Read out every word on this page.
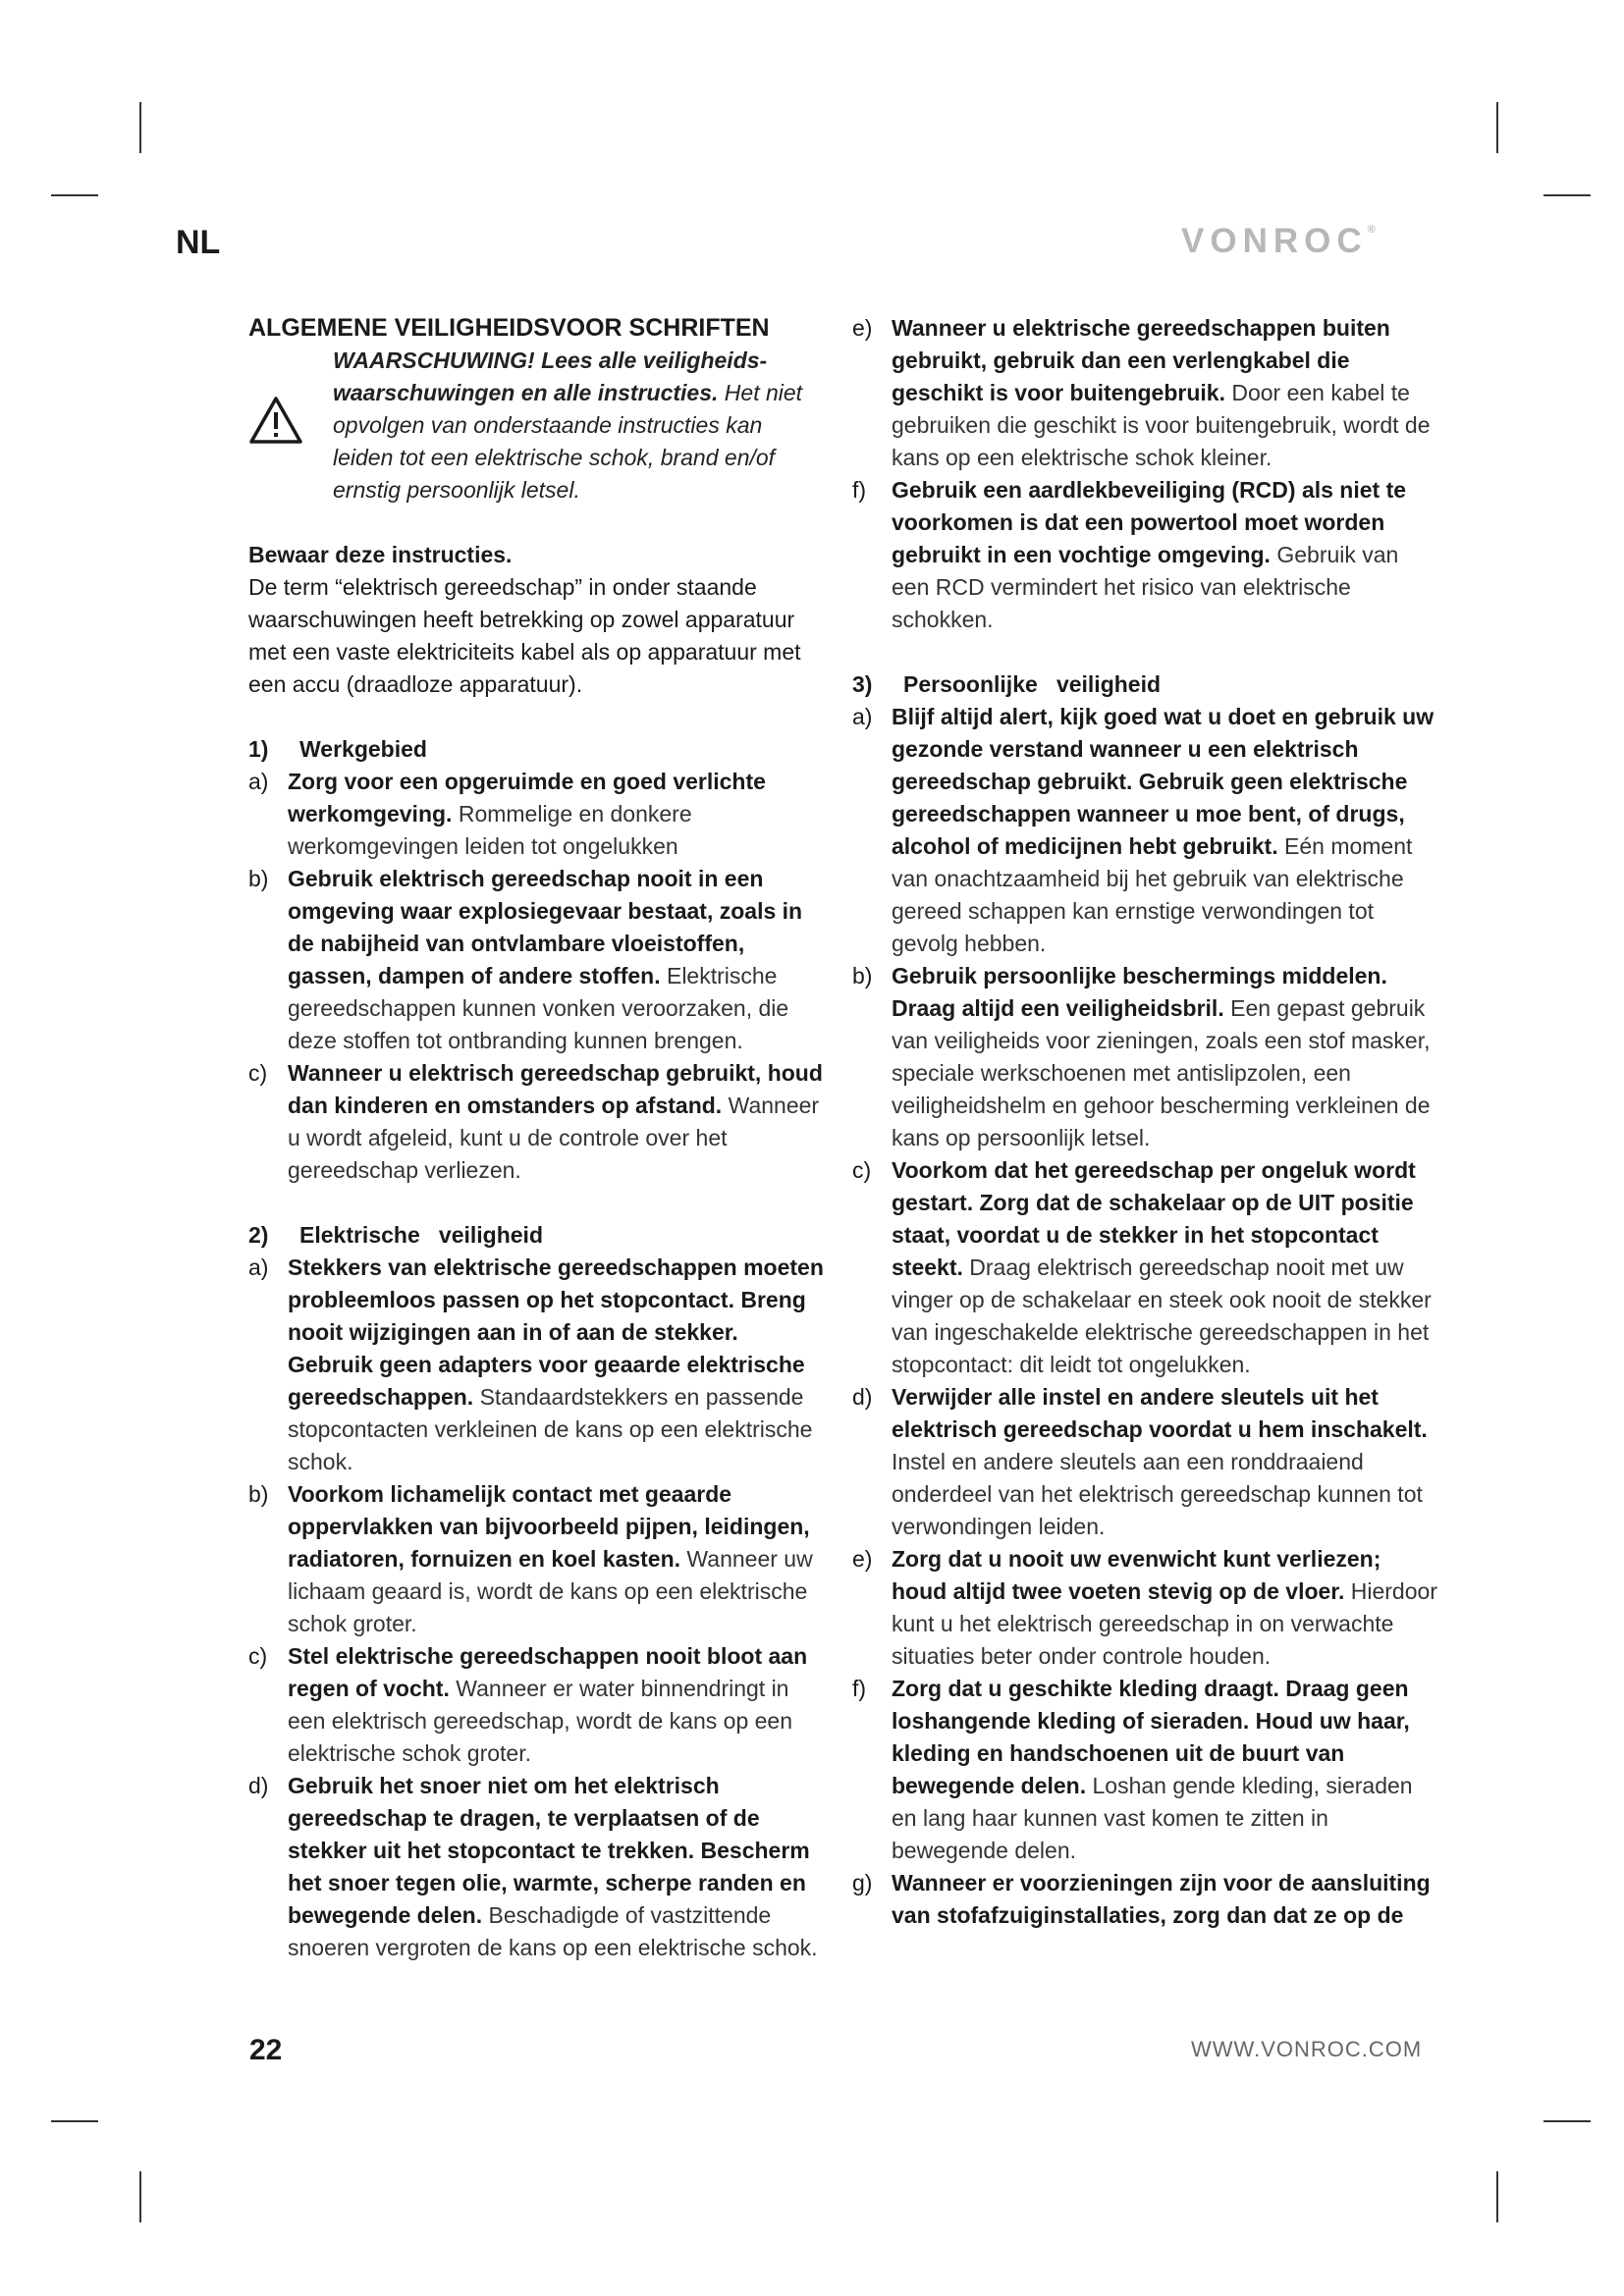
NL	VONROC®
ALGEMENE VEILIGHEIDSVOOR SCHRIFTEN
WAARSCHUWING! Lees alle veiligheids- waarschuwingen en alle instructies. Het niet opvolgen van onderstaande instructies kan leiden tot een elektrische schok, brand en/of ernstig persoonlijk letsel.

Bewaar deze instructies.

De term “elektrisch gereedschap” in onder staande waarschuwingen heeft betrekking op zowel apparatuur met een vaste elektriciteits kabel als op apparatuur met een accu (draadloze apparatuur).

1)	Werkgebied
a) Zorg voor een opgeruimde en goed verlichte werkomgeving. Rommelige en donkere werkomgevingen leiden tot ongelukken
b) Gebruik elektrisch gereedschap nooit in een omgeving waar explosiegevaar bestaat, zoals in de nabijheid van ontvlambare vloeistoffen, gassen, dampen of andere stoffen. Elektrische gereedschappen kunnen vonken veroorzaken, die deze stoffen tot ontbranding kunnen brengen.
c) Wanneer u elektrisch gereedschap gebruikt, houd dan kinderen en omstanders op afstand. Wanneer u wordt afgeleid, kunt u de controle over het gereedschap verliezen.
2)	Elektrische   veiligheid
a) Stekkers van elektrische gereedschappen moeten probleemloos passen op het stopcontact. Breng nooit wijzigingen aan in of aan de stekker. Gebruik geen adapters voor geaarde elektrische gereedschappen. Standaardstekkers en passende stopcontacten verkleinen de kans op een elektrische schok.
b) Voorkom lichamelijk contact met geaarde oppervlakken van bijvoorbeeld pijpen, leidingen, radiatoren, fornuizen en koel kasten. Wanneer uw lichaam geaard is, wordt de kans op een elektrische schok groter.
c) Stel elektrische gereedschappen nooit bloot aan regen of vocht. Wanneer er water binnendringt in een elektrisch gereedschap, wordt de kans op een elektrische schok groter.
d) Gebruik het snoer niet om het elektrisch gereedschap te dragen, te verplaatsen of de stekker uit het stopcontact te trekken. Bescherm het snoer tegen olie, warmte, scherpe randen en bewegende delen. Beschadigde of vastzittende snoeren vergroten de kans op een elektrische schok.
e) Wanneer u elektrische gereedschappen buiten gebruikt, gebruik dan een verlengkabel die geschikt is voor buitengebruik. Door een kabel te gebruiken die geschikt is voor buitengebruik, wordt de kans op een elektrische schok kleiner.
f) Gebruik een aardlekbeveiliging (RCD) als niet te voorkomen is dat een powertool moet worden gebruikt in een vochtige omgeving. Gebruik van een RCD vermindert het risico van elektrische schokken.
3)	Persoonlijke   veiligheid
a) Blijf altijd alert, kijk goed wat u doet en gebruik uw gezonde verstand wanneer u een elektrisch gereedschap gebruikt. Gebruik geen elektrische gereedschappen wanneer u moe bent, of drugs, alcohol of medicijnen hebt gebruikt. Eén moment van onachtzaamheid bij het gebruik van elektrische gereed schappen kan ernstige verwondingen tot gevolg hebben.
b) Gebruik persoonlijke beschermings middelen. Draag altijd een veiligheidsbril. Een gepast gebruik van veiligheids voor zieningen, zoals een stof masker, speciale werkschoenen met antislipzolen, een veiligheidshelm en gehoor bescherming verkleinen de kans op persoonlijk letsel.
c) Voorkom dat het gereedschap per ongeluk wordt gestart. Zorg dat de schakelaar op de UIT positie staat, voordat u de stekker in het stopcontact steekt. Draag elektrisch gereedschap nooit met uw vinger op de schakelaar en steek ook nooit de stekker van ingeschakelde elektrische gereedschappen in het stopcontact: dit leidt tot ongelukken.
d) Verwijder alle instel en andere sleutels uit het elektrisch gereedschap voordat u hem inschakelt. Instel en andere sleutels aan een ronddraaiend onderdeel van het elektrisch gereedschap kunnen tot verwondingen leiden.
e) Zorg dat u nooit uw evenwicht kunt verliezen; houd altijd twee voeten stevig op de vloer. Hierdoor kunt u het elektrisch gereedschap in on verwachte situaties beter onder controle houden.
f) Zorg dat u geschikte kleding draagt. Draag geen loshangende kleding of sieraden. Houd uw haar, kleding en handschoenen uit de buurt van bewegende delen. Loshan gende kleding, sieraden en lang haar kunnen vast komen te zitten in bewegende delen.
g) Wanneer er voorzieningen zijn voor de aansluiting van stofafzuiginstallaties, zorg dan dat ze op de
22	WWW.VONROC.COM
